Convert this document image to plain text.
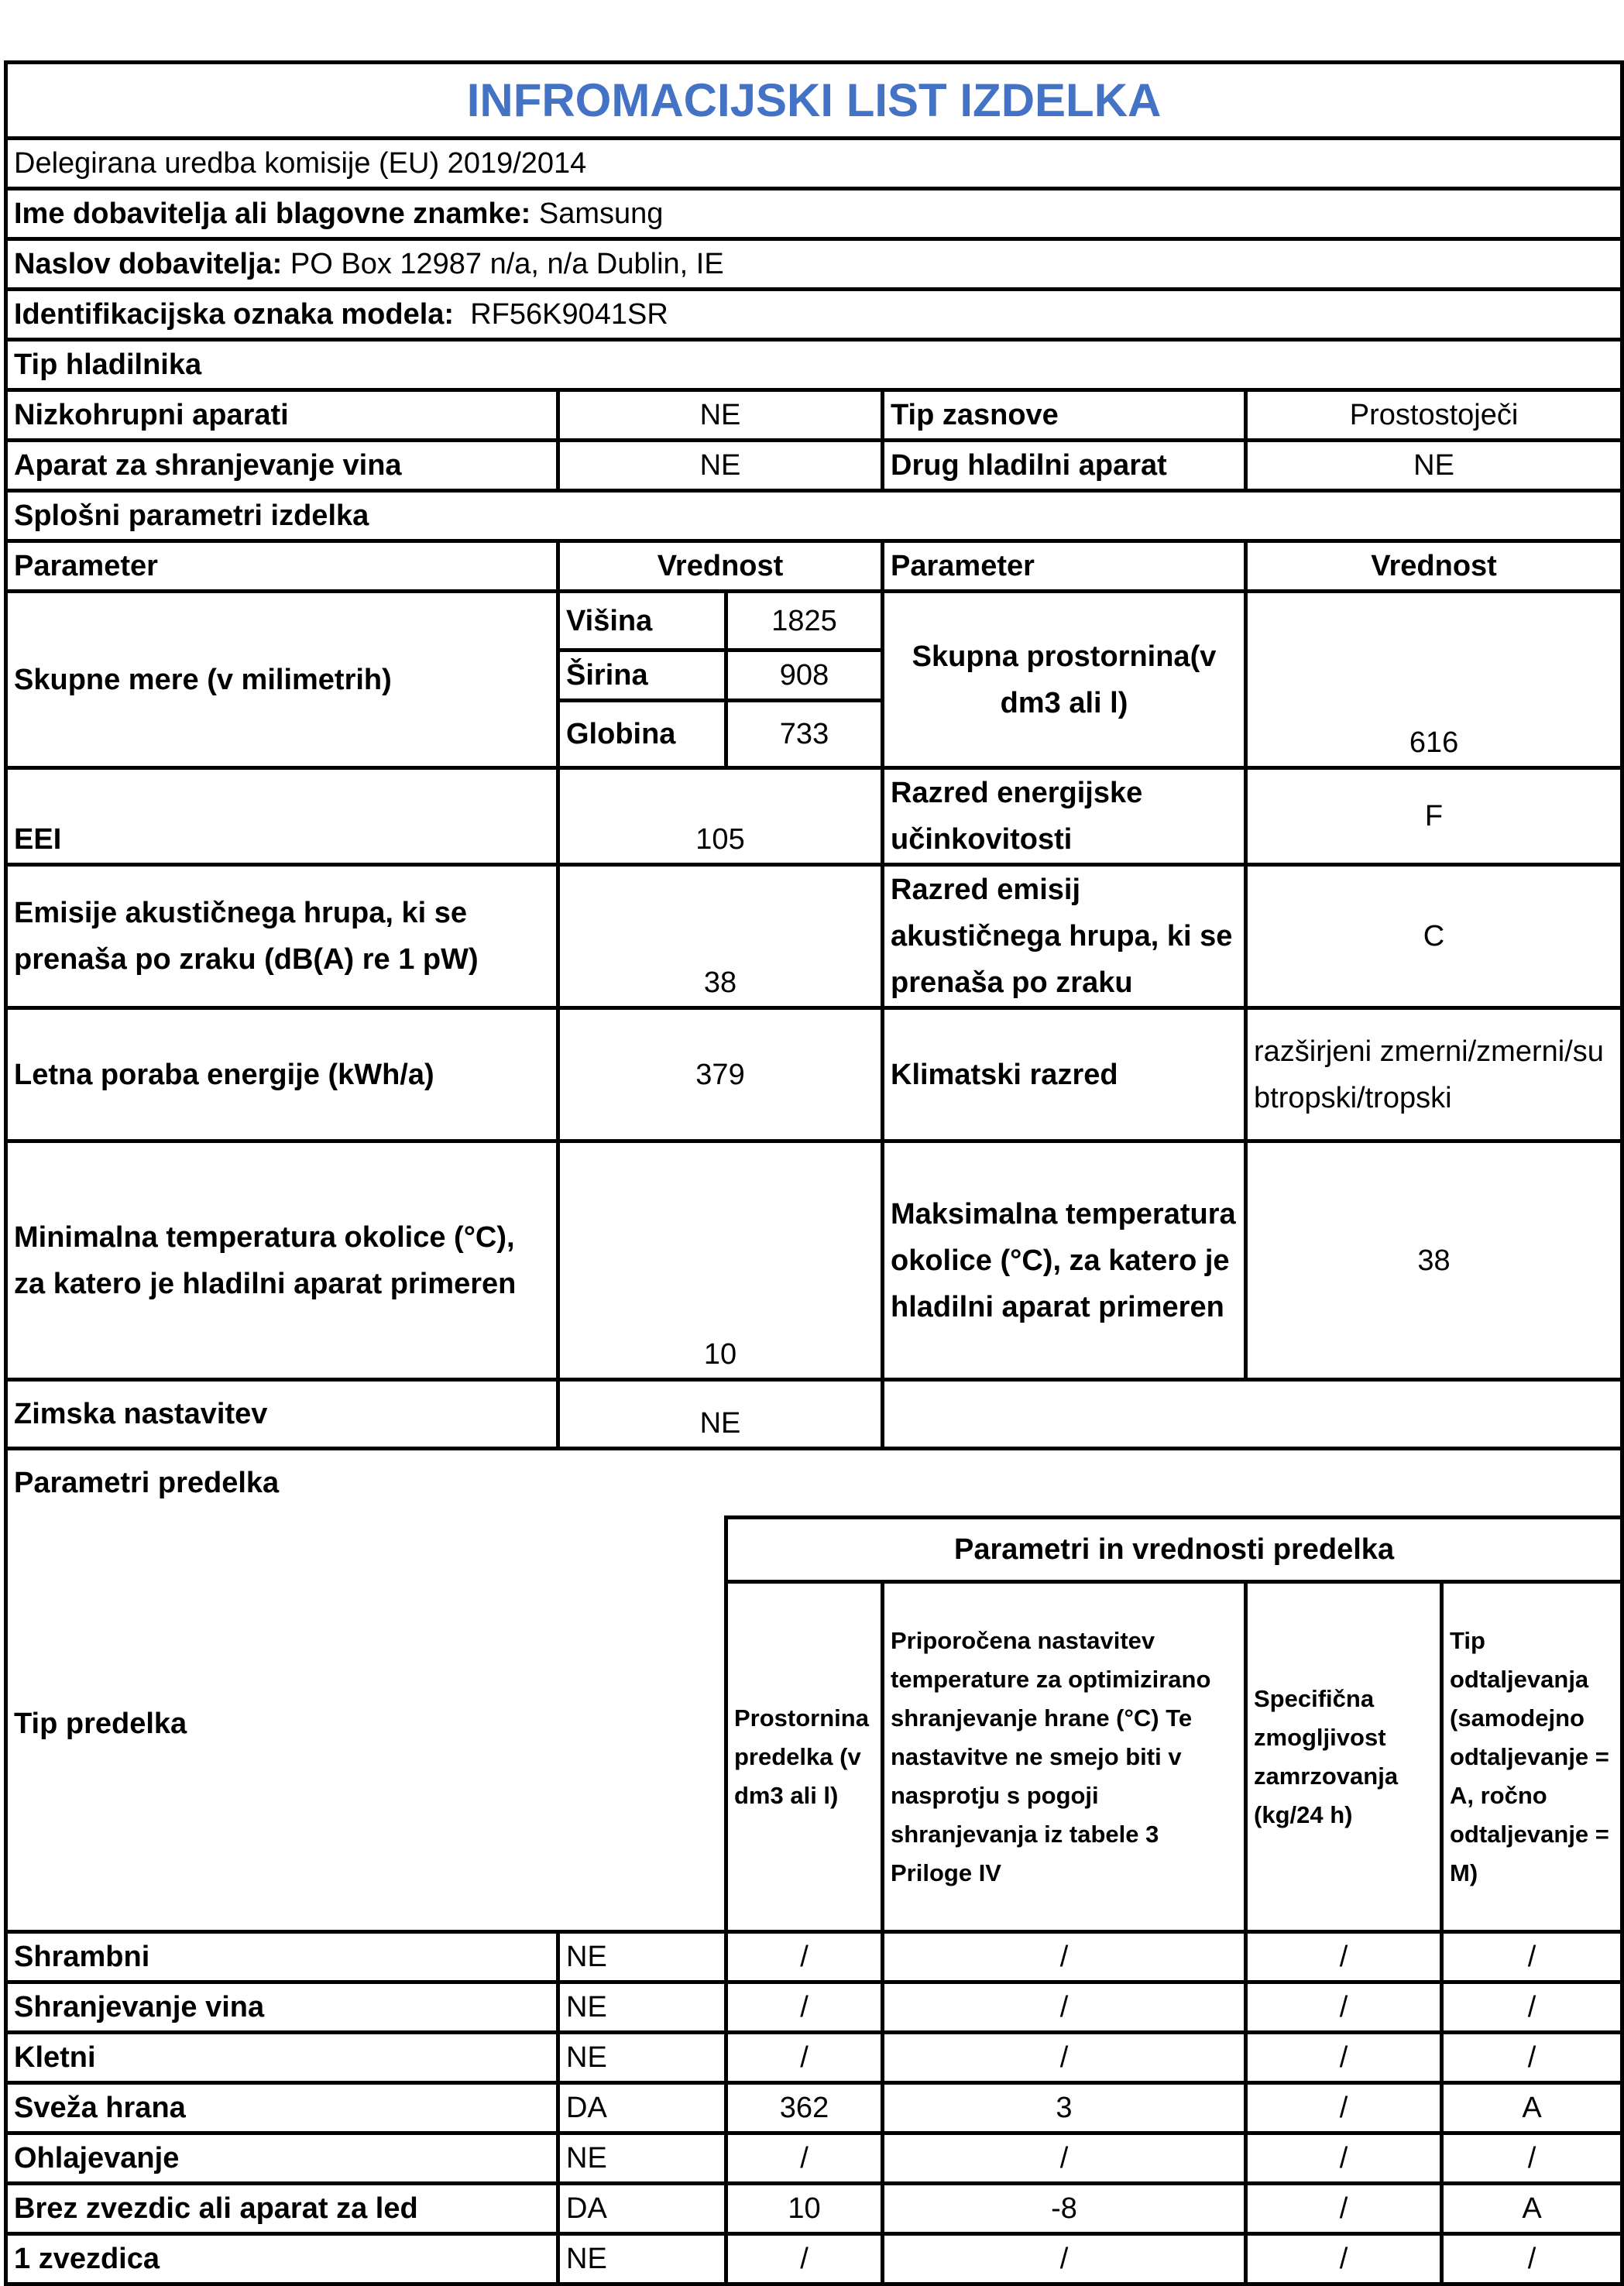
INFROMACIJSKI LIST IZDELKA					
Delegirana uredba komisije (EU) 2019/2014					
Ime dobavitelja ali blagovne znamke: Samsung					
Naslov dobavitelja: PO Box 12987 n/a, n/a Dublin, IE					
Identifikacijska oznaka modela:  RF56K9041SR					
Tip hladilnika					
Nizkohrupni aparati	NE		Tip zasnove	Prostostoječi	
Aparat za shranjevanje vina	NE		Drug hladilni aparat	NE	
Splošni parametri izdelka					
Parameter	Vrednost		Parameter	Vrednost	
Skupne mere (v milimetrih)	Višina	1825	Skupna prostornina(v dm3 ali l)	616	
	Širina	908			
	Globina	733			
EEI	105		Razred energijske učinkovitosti	F	
Emisije akustičnega hrupa, ki se prenaša po zraku (dB(A) re 1 pW)	38		Razred emisij akustičnega hrupa, ki se prenaša po zraku	C	
Letna poraba energije (kWh/a)	379		Klimatski razred	razširjeni zmerni/zmerni/subtropski/tropski	
Minimalna temperatura okolice (°C), za katero je hladilni aparat primeren	10		Maksimalna temperatura okolice (°C), za katero je hladilni aparat primeren	38	
Zimska nastavitev	NE				
Parametri predelka					
Tip predelka		Parametri in vrednosti predelka			
		Prostornina predelka (v dm3 ali l)	Priporočena nastavitev temperature za optimizirano shranjevanje hrane (°C) Te nastavitve ne smejo biti v nasprotju s pogoji shranjevanja iz tabele 3 Priloge IV	Specifična zmogljivost zamrzovanja (kg/24 h)	Tip odtaljevanja (samodejno odtaljevanje = A, ročno odtaljevanje = M)
Shrambni	NE	/	/	/	/
Shranjevanje vina	NE	/	/	/	/
Kletni	NE	/	/	/	/
Sveža hrana	DA	362	3	/	A
Ohlajevanje	NE	/	/	/	/
Brez zvezdic ali aparat za led	DA	10	-8	/	A
1 zvezdica	NE	/	/	/	/
